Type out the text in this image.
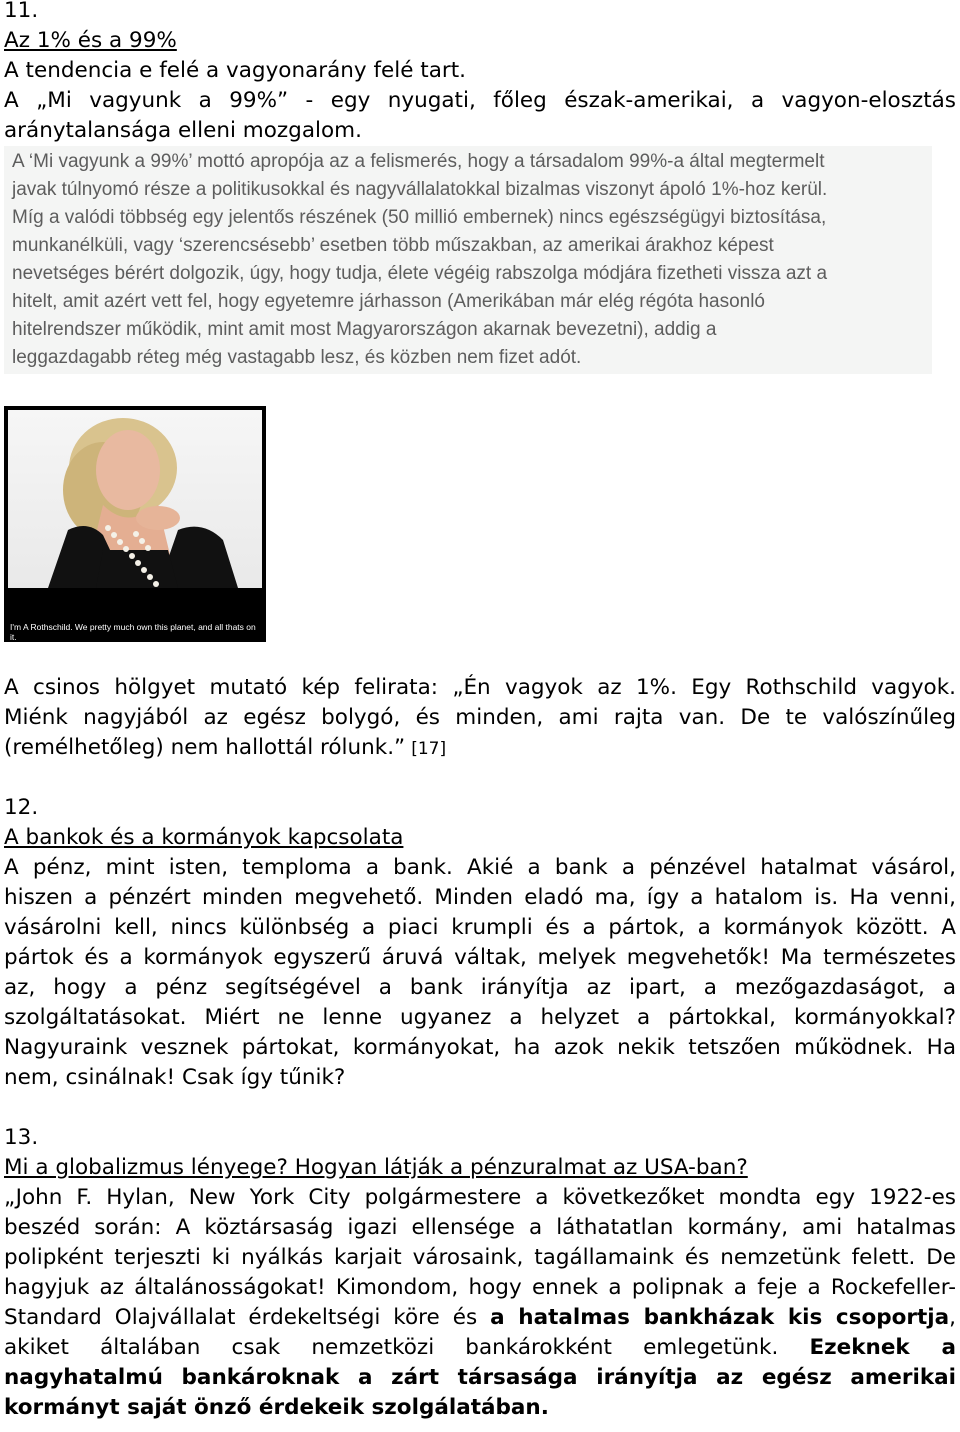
11.
Az 1% és a 99%
A tendencia e felé a vagyonarány felé tart.
A „Mi vagyunk a 99%” - egy nyugati, főleg észak-amerikai, a vagyon-elosztás
aránytalansága elleni mozgalom.
A ‘Mi vagyunk a 99%’ mottó apropója az a felismerés, hogy a társadalom 99%-a által megtermelt
javak túlnyomó része a politikusokkal és nagyvállalatokkal bizalmas viszonyt ápoló 1%-hoz kerül.
Míg a valódi többség egy jelentős részének (50 millió embernek) nincs egészségügyi biztosítása,
munkanélküli, vagy ‘szerencsésebb’ esetben több műszakban, az amerikai árakhoz képest
nevetséges bérért dolgozik, úgy, hogy tudja, élete végéig rabszolga módjára fizetheti vissza azt a
hitelt, amit azért vett fel, hogy egyetemre járhasson (Amerikában már elég régóta hasonló
hitelrendszer működik, mint amit most Magyarországon akarnak bevezetni), addig a
leggazdagabb réteg még vastagabb lesz, és közben nem fizet adót.
I'm A Rothschild. We pretty much own this planet, and all thats on it.
A csinos hölgyet mutató kép felirata: „Én vagyok az 1%. Egy Rothschild vagyok.
Miénk nagyjából az egész bolygó, és minden, ami rajta van. De te valószínűleg
(remélhetőleg) nem hallottál rólunk.” [17]
12.
A bankok és a kormányok kapcsolata
A pénz, mint isten, temploma a bank. Akié a bank a pénzével hatalmat vásárol,
hiszen a pénzért minden megvehető. Minden eladó ma, így a hatalom is. Ha venni,
vásárolni kell, nincs különbség a piaci krumpli és a pártok, a kormányok között. A
pártok és a kormányok egyszerű áruvá váltak, melyek megvehetők! Ma természetes
az, hogy a pénz segítségével a bank irányítja az ipart, a mezőgazdaságot, a
szolgáltatásokat. Miért ne lenne ugyanez a helyzet a pártokkal, kormányokkal?
Nagyuraink vesznek pártokat, kormányokat, ha azok nekik tetszően működnek. Ha
nem, csinálnak! Csak így tűnik?
13.
Mi a globalizmus lényege? Hogyan látják a pénzuralmat az USA-ban?
„John F. Hylan, New York City polgármestere a következőket mondta egy 1922-es
beszéd során: A köztársaság igazi ellensége a láthatatlan kormány, ami hatalmas
polipként terjeszti ki nyálkás karjait városaink, tagállamaink és nemzetünk felett. De
hagyjuk az általánosságokat! Kimondom, hogy ennek a polipnak a feje a Rockefeller-
Standard Olajvállalat érdekeltségi köre és a hatalmas bankházak kis csoportja,
akiket általában csak nemzetközi bankárokként emlegetünk. Ezeknek a
nagyhatalmú bankároknak a zárt társasága irányítja az egész amerikai
kormányt saját önző érdekeik szolgálatában.
